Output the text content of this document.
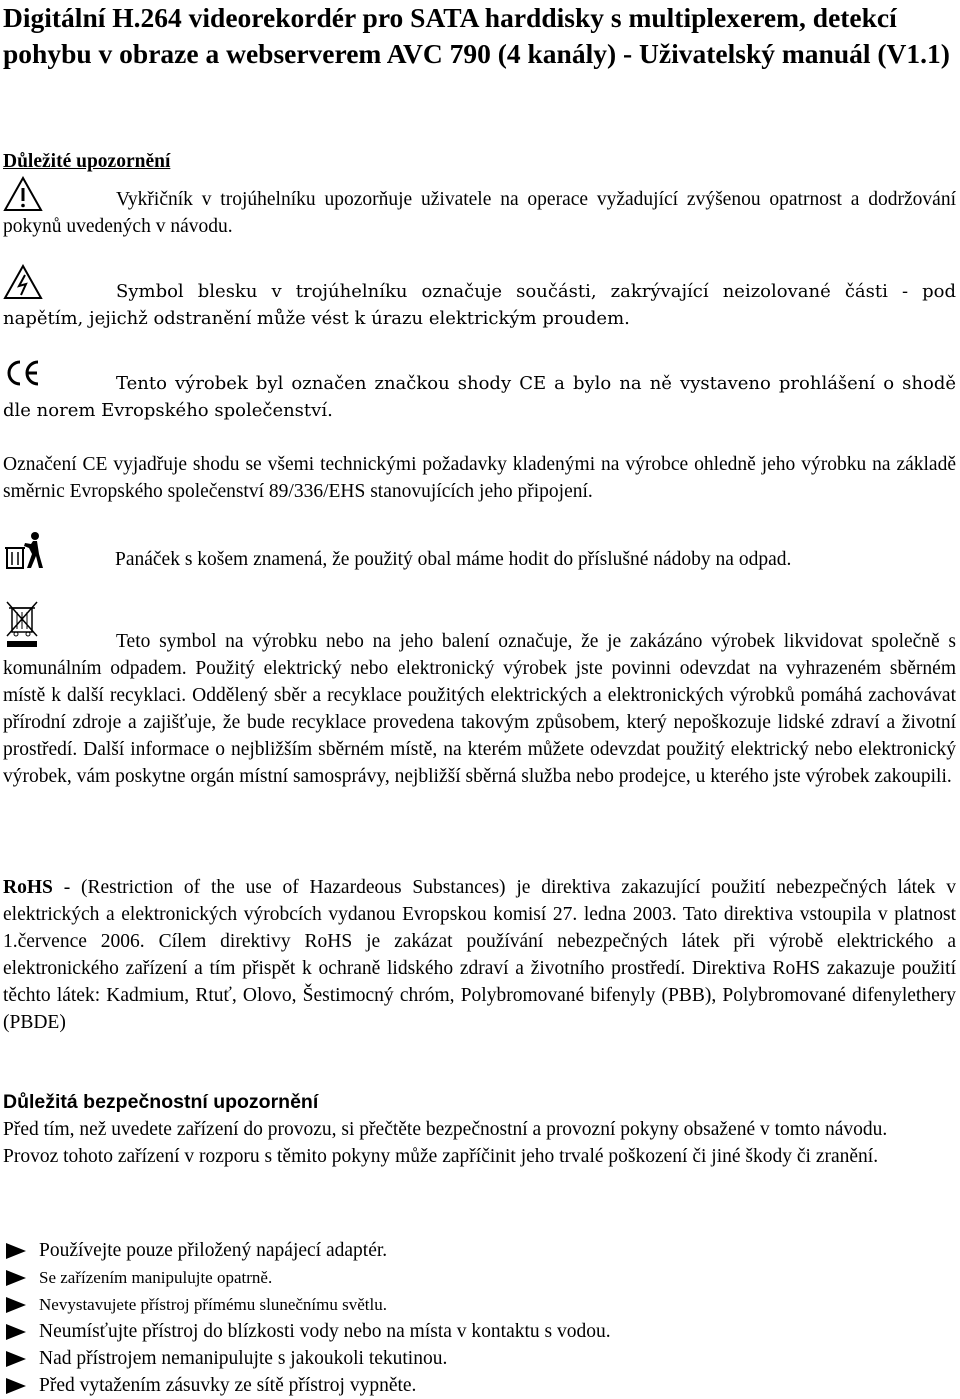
Digitální H.264 videorekordér pro SATA harddisky s multiplexerem, detekcí pohybu v obraze a webserverem AVC 790 (4 kanály) - Uživatelský manuál (V1.1)
Důležité upozornění

Vykřičník v trojúhelníku upozorňuje uživatele na operace vyžadující zvýšenou opatrnost a dodržování pokynů uvedených v návodu.

Symbol blesku v trojúhelníku označuje součásti, zakrývající neizolované části - pod napětím, jejichž odstranění může vést k úrazu elektrickým proudem.

Tento výrobek byl označen značkou shody CE a bylo na ně vystaveno prohlášení o shodě dle norem Evropského společenství.

Označení CE vyjadřuje shodu se všemi technickými požadavky kladenými na výrobce ohledně jeho výrobku na základě směrnic Evropského společenství 89/336/EHS stanovujících jeho připojení.

Panáček s košem znamená, že použitý obal máme hodit do příslušné nádoby na odpad.

Teto symbol na výrobku nebo na jeho balení označuje, že je zakázáno výrobek likvidovat společně s komunálním odpadem. Použitý elektrický nebo elektronický výrobek jste povinni odevzdat na vyhrazeném sběrném místě k další recyklaci. Oddělený sběr a recyklace použitých elektrických a elektronických výrobků pomáhá zachovávat přírodní zdroje a zajišťuje, že bude recyklace provedena takovým způsobem, který nepoškozuje lidské zdraví a životní prostředí. Další informace o nejbližším sběrném místě, na kterém můžete odevzdat použitý elektrický nebo elektronický výrobek, vám poskytne orgán místní samosprávy, nejbližší sběrná služba nebo prodejce, u kterého jste výrobek zakoupili.

RoHS - (Restriction of the use of Hazardeous Substances) je direktiva zakazující použití nebezpečných látek v elektrických a elektronických výrobcích vydanou Evropskou komisí 27. ledna 2003. Tato direktiva vstoupila v platnost 1.července 2006. Cílem direktivy RoHS je zakázat používání nebezpečných látek při výrobě elektrického a elektronického zařízení a tím přispět k ochraně lidského zdraví a životního prostředí. Direktiva RoHS zakazuje použití těchto látek: Kadmium, Rtuť, Olovo, Šestimocný chróm, Polybromované bifenyly (PBB), Polybromované difenylethery (PBDE)

Důležitá bezpečnostní upozornění

Před tím, než uvedete zařízení do provozu, si přečtěte bezpečnostní a provozní pokyny obsažené v tomto návodu. Provoz tohoto zařízení v rozporu s těmito pokyny může zapříčinit jeho trvalé poškození či jiné škody či zranění.

Používejte pouze přiložený napájecí adaptér.
Se zařízením manipulujte opatrně.
Nevystavujete přístroj přímému slunečnímu světlu.
Neumísťujte přístroj do blízkosti vody nebo na místa v kontaktu s vodou.
Nad přístrojem nemanipulujte s jakoukoli tekutinou.
Před vytažením zásuvky ze sítě přístroj vypněte.
